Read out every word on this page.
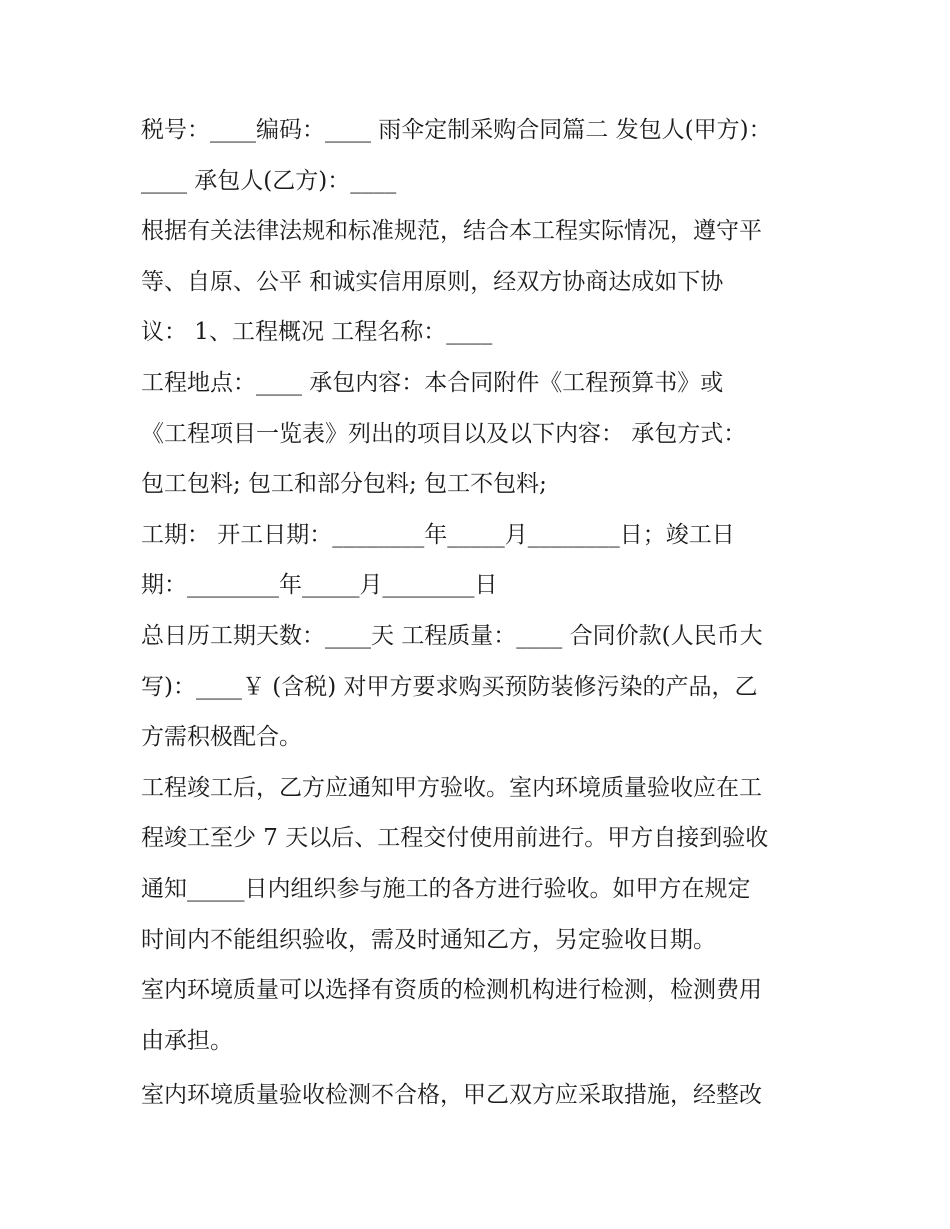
税号：____编码：____ 雨伞定制采购合同篇二 发包人(甲方)：
____ 承包人(乙方)：____
根据有关法律法规和标准规范，结合本工程实际情况，遵守平
等、自原、公平 和诚实信用原则，经双方协商达成如下协
议： 1、工程概况 工程名称：____
工程地点：____ 承包内容：本合同附件《工程预算书》或
《工程项目一览表》列出的项目以及以下内容： 承包方式：
包工包料; 包工和部分包料; 包工不包料;
工期： 开工日期：________年_____月________日；竣工日
期：________年_____月________日
总日历工期天数：____天 工程质量：____ 合同价款(人民币大
写)：____￥ (含税) 对甲方要求购买预防装修污染的产品，乙
方需积极配合。
工程竣工后，乙方应通知甲方验收。室内环境质量验收应在工
程竣工至少 7 天以后、工程交付使用前进行。甲方自接到验收
通知_____日内组织参与施工的各方进行验收。如甲方在规定
时间内不能组织验收，需及时通知乙方，另定验收日期。
室内环境质量可以选择有资质的检测机构进行检测，检测费用
由承担。
室内环境质量验收检测不合格，甲乙双方应采取措施，经整改
